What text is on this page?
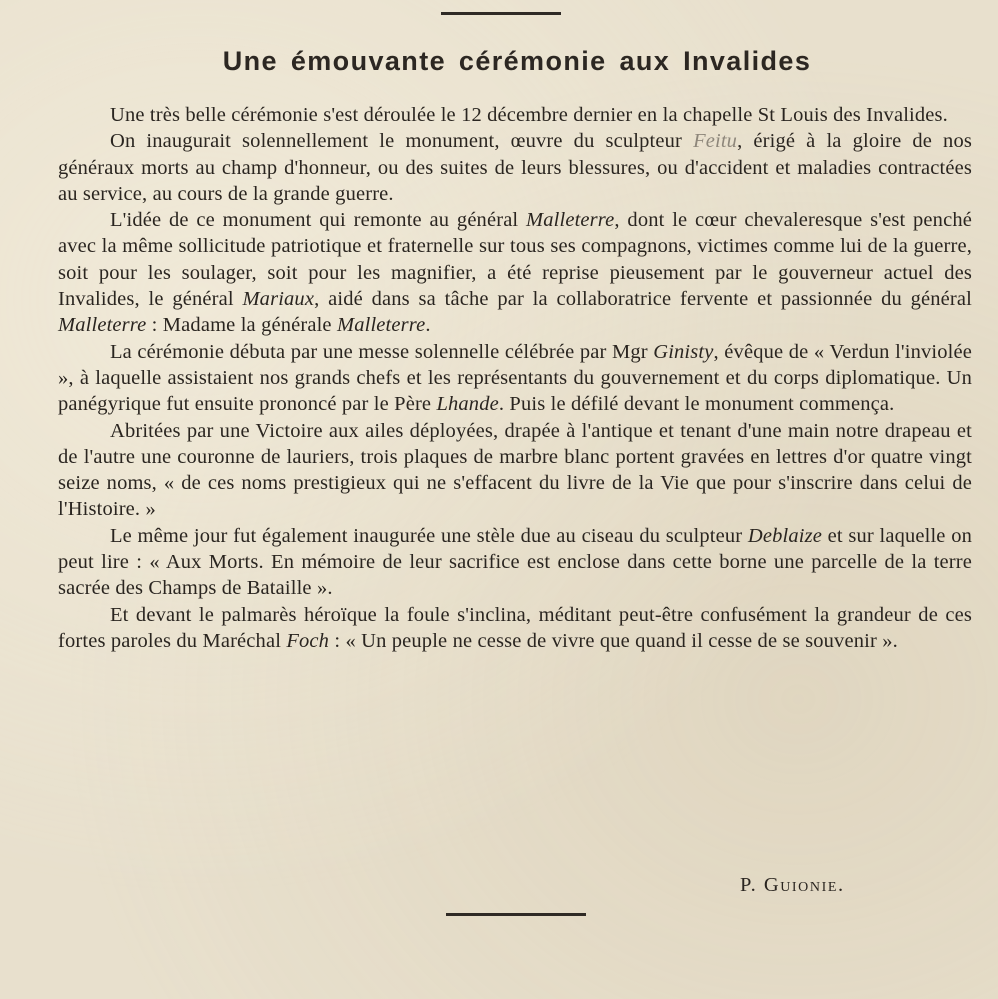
Une émouvante cérémonie aux Invalides

Une très belle cérémonie s'est déroulée le 12 décembre dernier en la chapelle St Louis des Invalides.

On inaugurait solennellement le monument, œuvre du sculpteur Feitu, érigé à la gloire de nos généraux morts au champ d'honneur, ou des suites de leurs blessures, ou d'accident et maladies contractées au service, au cours de la grande guerre.

L'idée de ce monument qui remonte au général Malleterre, dont le cœur chevaleresque s'est penché avec la même sollicitude patriotique et fraternelle sur tous ses compagnons, victimes comme lui de la guerre, soit pour les soulager, soit pour les magnifier, a été reprise pieusement par le gouverneur actuel des Invalides, le général Mariaux, aidé dans sa tâche par la collaboratrice fervente et passionnée du général Malleterre : Madame la générale Malleterre.

La cérémonie débuta par une messe solennelle célébrée par Mgr Ginisty, évêque de « Verdun l'inviolée », à laquelle assistaient nos grands chefs et les représentants du gouvernement et du corps diplomatique. Un panégyrique fut ensuite prononcé par le Père Lhande. Puis le défilé devant le monument commença.

Abritées par une Victoire aux ailes déployées, drapée à l'antique et tenant d'une main notre drapeau et de l'autre une couronne de lauriers, trois plaques de marbre blanc portent gravées en lettres d'or quatre vingt seize noms, « de ces noms prestigieux qui ne s'effacent du livre de la Vie que pour s'inscrire dans celui de l'Histoire. »

Le même jour fut également inaugurée une stèle due au ciseau du sculpteur Deblaize et sur laquelle on peut lire : « Aux Morts. En mémoire de leur sacrifice est enclose dans cette borne une parcelle de la terre sacrée des Champs de Bataille ».

Et devant le palmarès héroïque la foule s'inclina, méditant peut-être confusément la grandeur de ces fortes paroles du Maréchal Foch : « Un peuple ne cesse de vivre que quand il cesse de se souvenir ».

P. Guionie.
